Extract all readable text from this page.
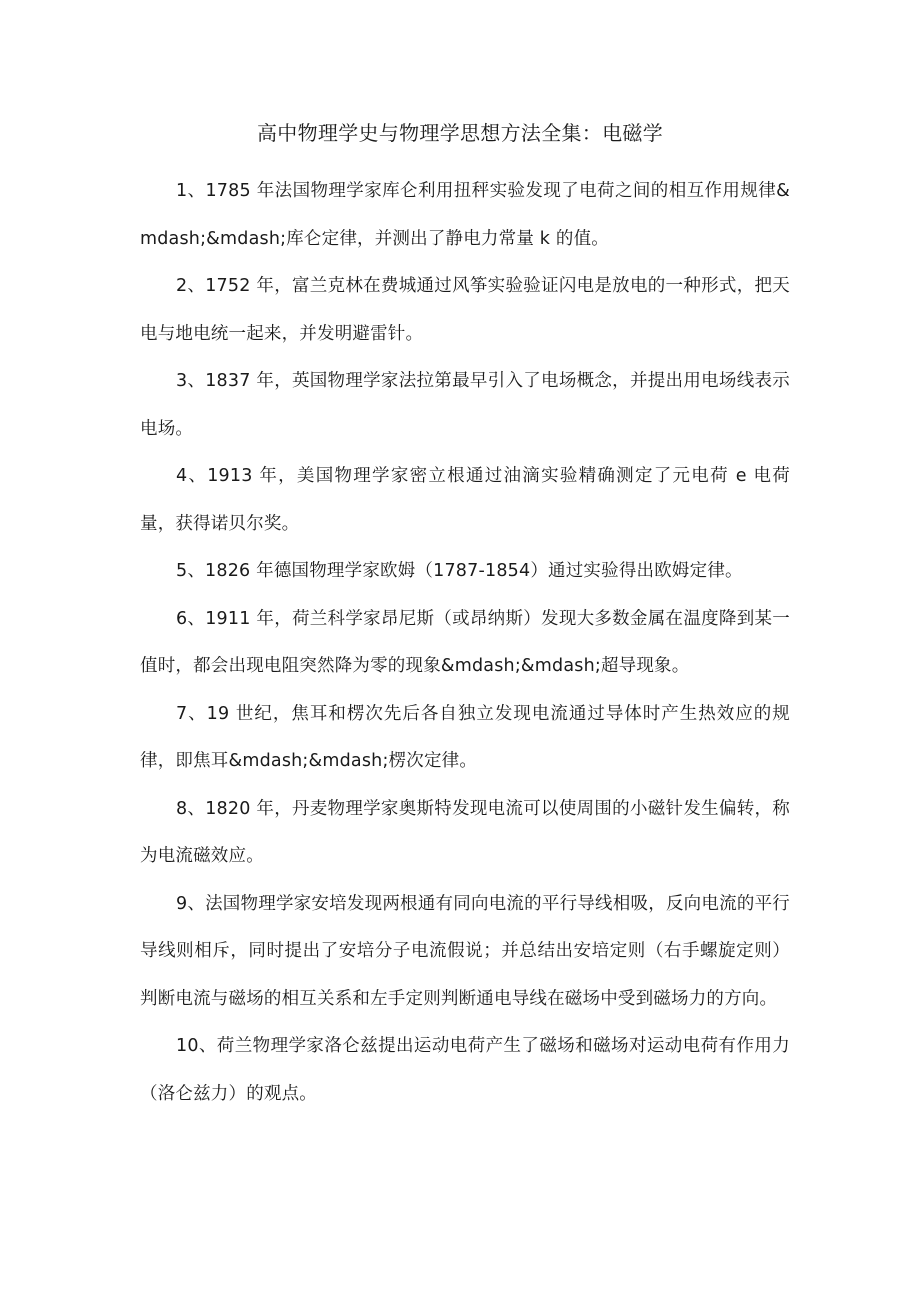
高中物理学史与物理学思想方法全集：电磁学

1、1785 年法国物理学家库仑利用扭秤实验发现了电荷之间的相互作用规律&mdash;&mdash;库仑定律，并测出了静电力常量 k 的值。

2、1752 年，富兰克林在费城通过风筝实验验证闪电是放电的一种形式，把天电与地电统一起来，并发明避雷针。

3、1837 年，英国物理学家法拉第最早引入了电场概念，并提出用电场线表示电场。

4、1913 年，美国物理学家密立根通过油滴实验精确测定了元电荷 e 电荷量，获得诺贝尔奖。

5、1826 年德国物理学家欧姆（1787-1854）通过实验得出欧姆定律。

6、1911 年，荷兰科学家昂尼斯（或昂纳斯）发现大多数金属在温度降到某一值时，都会出现电阻突然降为零的现象&mdash;&mdash;超导现象。

7、19 世纪，焦耳和楞次先后各自独立发现电流通过导体时产生热效应的规律，即焦耳&mdash;&mdash;楞次定律。

8、1820 年，丹麦物理学家奥斯特发现电流可以使周围的小磁针发生偏转，称为电流磁效应。

9、法国物理学家安培发现两根通有同向电流的平行导线相吸，反向电流的平行导线则相斥，同时提出了安培分子电流假说；并总结出安培定则（右手螺旋定则）判断电流与磁场的相互关系和左手定则判断通电导线在磁场中受到磁场力的方向。

10、荷兰物理学家洛仑兹提出运动电荷产生了磁场和磁场对运动电荷有作用力（洛仑兹力）的观点。
